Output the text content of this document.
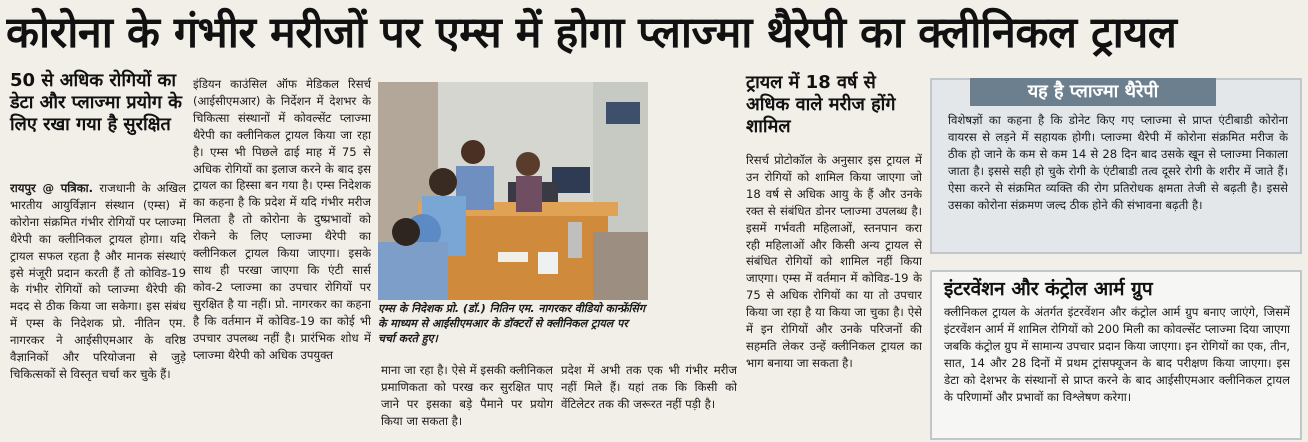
कोरोना के गंभीर मरीजों पर एम्स में होगा प्लाज्मा थैरेपी का क्लीनिकल ट्रायल
50 से अधिक रोगियों का डेटा और प्लाज्मा प्रयोग के लिए रखा गया है सुरक्षित
रायपुर @ पत्रिका. राजधानी के अखिल भारतीय आयुर्विज्ञान संस्थान (एम्स) में कोरोना संक्रमित गंभीर रोगियों पर प्लाज्मा थैरेपी का क्लीनिकल ट्रायल होगा। यदि ट्रायल सफल रहता है और मानक संस्थाएं इसे मंजूरी प्रदान करती हैं तो कोविड-19 के गंभीर रोगियों को प्लाज्मा थैरेपी की मदद से ठीक किया जा सकेगा। इस संबंध में एम्स के निदेशक प्रो. नीतिन एम. नागरकर ने आईसीएमआर के वरिष्ठ वैज्ञानिकों और परियोजना से जुड़े चिकित्सकों से विस्तृत चर्चा कर चुके हैं।
इंडियन काउंसिल ऑफ मेडिकल रिसर्च (आईसीएमआर) के निर्देशन में देशभर के चिकित्सा संस्थानों में कोवल्सेंट प्लाज्मा थैरेपी का क्लीनिकल ट्रायल किया जा रहा है। एम्स भी पिछले ढाई माह में 75 से अधिक रोगियों का इलाज करने के बाद इस ट्रायल का हिस्सा बन गया है। एम्स निदेशक का कहना है कि प्रदेश में यदि गंभीर मरीज मिलता है तो कोरोना के दुष्प्रभावों को रोकने के लिए प्लाज्मा थैरेपी का क्लीनिकल ट्रायल किया जाएगा। इसके साथ ही परखा जाएगा कि एंटी सार्स कोव-2 प्लाज्मा का उपचार रोगियों पर सुरक्षित है या नहीं। प्रो. नागरकर का कहना है कि वर्तमान में कोविड-19 का कोई भी उपचार उपलब्ध नहीं है। प्रारंभिक शोध में प्लाज्मा थैरेपी को अधिक उपयुक्त
एम्स के निदेशक प्रो. (डॉ.) नितिन एम. नागरकर वीडियो कान्फ्रेंसिंग के माध्यम से आईसीएमआर के डॉक्टरों से क्लीनिकल ट्रायल पर चर्चा करते हुए।
माना जा रहा है। ऐसे में इसकी क्लीनिकल प्रमाणिकता को परख कर सुरक्षित पाए जाने पर इसका बड़े पैमाने पर प्रयोग किया जा सकता है।
प्रदेश में अभी तक एक भी गंभीर मरीज नहीं मिले हैं। यहां तक कि किसी को वेंटिलेटर तक की जरूरत नहीं पड़ी है।
ट्रायल में 18 वर्ष से अधिक वाले मरीज होंगे शामिल
रिसर्च प्रोटोकॉल के अनुसार इस ट्रायल में उन रोगियों को शामिल किया जाएगा जो 18 वर्ष से अधिक आयु के हैं और उनके रक्त से संबंधित डोनर प्लाज्मा उपलब्ध है। इसमें गर्भवती महिलाओं, स्तनपान करा रही महिलाओं और किसी अन्य ट्रायल से संबंधित रोगियों को शामिल नहीं किया जाएगा। एम्स में वर्तमान में कोविड-19 के 75 से अधिक रोगियों का या तो उपचार किया जा रहा है या किया जा चुका है। ऐसे में इन रोगियों और उनके परिजनों की सहमति लेकर उन्हें क्लीनिकल ट्रायल का भाग बनाया जा सकता है।
यह है प्लाज्मा थैरेपी
विशेषज्ञों का कहना है कि डोनेट किए गए प्लाज्मा से प्राप्त एंटीबाडी कोरोना वायरस से लड़ने में सहायक होगी। प्लाज्मा थैरेपी में कोरोना संक्रमित मरीज के ठीक हो जाने के कम से कम 14 से 28 दिन बाद उसके खून से प्लाज्मा निकाला जाता है। इससे सही हो चुके रोगी के एंटीबाडी तत्व दूसरे रोगी के शरीर में जाते हैं। ऐसा करने से संक्रमित व्यक्ति की रोग प्रतिरोधक क्षमता तेजी से बढ़ती है। इससे उसका कोरोना संक्रमण जल्द ठीक होने की संभावना बढ़ती है।
इंटरवेंशन और कंट्रोल आर्म ग्रुप
क्लीनिकल ट्रायल के अंतर्गत इंटरवेंशन और कंट्रोल आर्म ग्रुप बनाए जाएंगे, जिसमें इंटरवेंशन आर्म में शामिल रोगियों को 200 मिली का कोवल्सेंट प्लाज्मा दिया जाएगा जबकि कंट्रोल ग्रुप में सामान्य उपचार प्रदान किया जाएगा। इन रोगियों का एक, तीन, सात, 14 और 28 दिनों में प्रथम ट्रांसफ्यूजन के बाद परीक्षण किया जाएगा। इस डेटा को देशभर के संस्थानों से प्राप्त करने के बाद आईसीएमआर क्लीनिकल ट्रायल के परिणामों और प्रभावों का विश्लेषण करेगा।
